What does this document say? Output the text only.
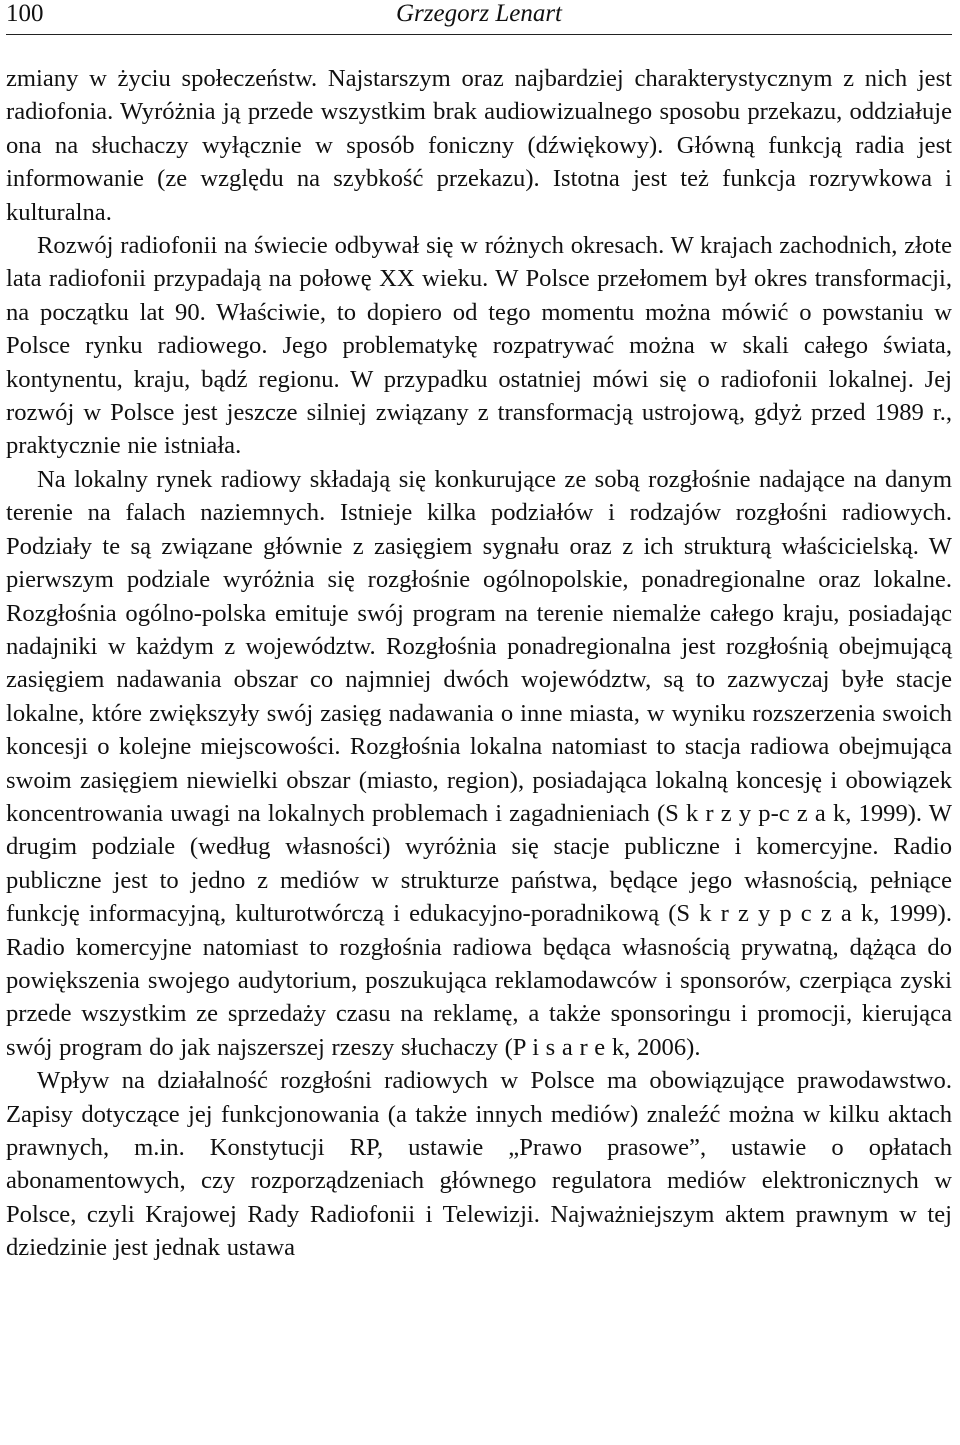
100	Grzegorz Lenart

zmiany w życiu społeczeństw. Najstarszym oraz najbardziej charakterystycznym z nich jest radiofonia. Wyróżnia ją przede wszystkim brak audiowizualnego sposobu przekazu, oddziałuje ona na słuchaczy wyłącznie w sposób foniczny (dźwiękowy). Główną funkcją radia jest informowanie (ze względu na szybkość przekazu). Istotna jest też funkcja rozrywkowa i kulturalna.

Rozwój radiofonii na świecie odbywał się w różnych okresach. W krajach zachodnich, złote lata radiofonii przypadają na połowę XX wieku. W Polsce przełomem był okres transformacji, na początku lat 90. Właściwie, to dopiero od tego momentu można mówić o powstaniu w Polsce rynku radiowego. Jego problematykę rozpatrywać można w skali całego świata, kontynentu, kraju, bądź regionu. W przypadku ostatniej mówi się o radiofonii lokalnej. Jej rozwój w Polsce jest jeszcze silniej związany z transformacją ustrojową, gdyż przed 1989 r., praktycznie nie istniała.

Na lokalny rynek radiowy składają się konkurujące ze sobą rozgłośnie nadające na danym terenie na falach naziemnych. Istnieje kilka podziałów i rodzajów rozgłośni radiowych. Podziały te są związane głównie z zasięgiem sygnału oraz z ich strukturą właścicielską. W pierwszym podziale wyróżnia się rozgłośnie ogólnopolskie, ponadregionalne oraz lokalne. Rozgłośnia ogólno-polska emituje swój program na terenie niemalże całego kraju, posiadając nadajniki w każdym z województw. Rozgłośnia ponadregionalna jest rozgłośnią obejmującą zasięgiem nadawania obszar co najmniej dwóch województw, są to zazwyczaj byłe stacje lokalne, które zwiększyły swój zasięg nadawania o inne miasta, w wyniku rozszerzenia swoich koncesji o kolejne miejscowości. Rozgłośnia lokalna natomiast to stacja radiowa obejmująca swoim zasięgiem niewielki obszar (miasto, region), posiadająca lokalną koncesję i obowiązek koncentrowania uwagi na lokalnych problemach i zagadnieniach (S k r z y p-c z a k, 1999). W drugim podziale (według własności) wyróżnia się stacje publiczne i komercyjne. Radio publiczne jest to jedno z mediów w strukturze państwa, będące jego własnością, pełniące funkcję informacyjną, kulturotwórczą i edukacyjno-poradnikową (S k r z y p c z a k, 1999). Radio komercyjne natomiast to rozgłośnia radiowa będąca własnością prywatną, dążąca do powiększenia swojego audytorium, poszukująca reklamodawców i sponsorów, czerpiąca zyski przede wszystkim ze sprzedaży czasu na reklamę, a także sponsoringu i promocji, kierująca swój program do jak najszerszej rzeszy słuchaczy (P i s a r e k, 2006).

Wpływ na działalność rozgłośni radiowych w Polsce ma obowiązujące prawodawstwo. Zapisy dotyczące jej funkcjonowania (a także innych mediów) znaleźć można w kilku aktach prawnych, m.in. Konstytucji RP, ustawie „Prawo prasowe”, ustawie o opłatach abonamentowych, czy rozporządzeniach głównego regulatora mediów elektronicznych w Polsce, czyli Krajowej Rady Radiofonii i Telewizji. Najważniejszym aktem prawnym w tej dziedzinie jest jednak ustawa
